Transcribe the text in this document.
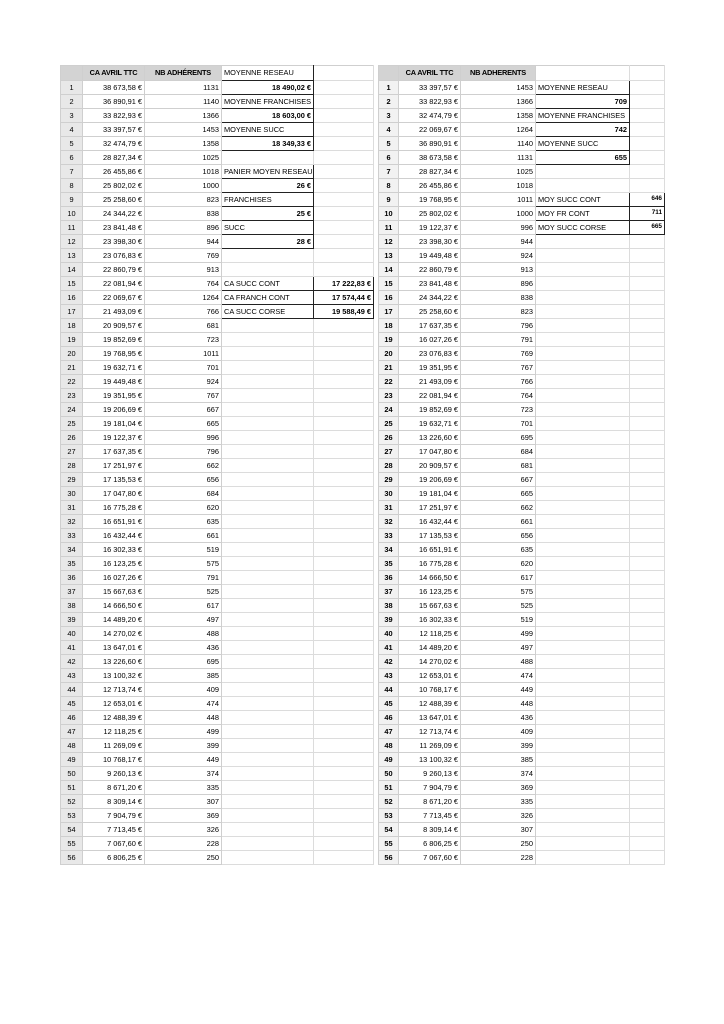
	CA AVRIL TTC	NB ADHÉRENTS	MOYENNE RESEAU	
1	38 673,58 €	1131	18 490,02 €	
2	36 890,91 €	1140	MOYENNE FRANCHISES	
3	33 822,93 €	1366	18 603,00 €	
4	33 397,57 €	1453	MOYENNE SUCC	
5	32 474,79 €	1358	18 349,33 €	
6	28 827,34 €	1025		
7	26 455,86 €	1018	PANIER MOYEN RESEAU	
8	25 802,02 €	1000	26 €	
9	25 258,60 €	823	FRANCHISES	
10	24 344,22 €	838	25 €	
11	23 841,48 €	896	SUCC	
12	23 398,30 €	944	28 €	
13	23 076,83 €	769		
14	22 860,79 €	913		
15	22 081,94 €	764	CA SUCC CONT	17 222,83 €
16	22 069,67 €	1264	CA FRANCH CONT	17 574,44 €
17	21 493,09 €	766	CA SUCC CORSE	19 588,49 €
18	20 909,57 €	681		
19	19 852,69 €	723		
20	19 768,95 €	1011		
21	19 632,71 €	701		
22	19 449,48 €	924		
23	19 351,95 €	767		
24	19 206,69 €	667		
25	19 181,04 €	665		
26	19 122,37 €	996		
27	17 637,35 €	796		
28	17 251,97 €	662		
29	17 135,53 €	656		
30	17 047,80 €	684		
31	16 775,28 €	620		
32	16 651,91 €	635		
33	16 432,44 €	661		
34	16 302,33 €	519		
35	16 123,25 €	575		
36	16 027,26 €	791		
37	15 667,63 €	525		
38	14 666,50 €	617		
39	14 489,20 €	497		
40	14 270,02 €	488		
41	13 647,01 €	436		
42	13 226,60 €	695		
43	13 100,32 €	385		
44	12 713,74 €	409		
45	12 653,01 €	474		
46	12 488,39 €	448		
47	12 118,25 €	499		
48	11 269,09 €	399		
49	10 768,17 €	449		
50	9 260,13 €	374		
51	8 671,20 €	335		
52	8 309,14 €	307		
53	7 904,79 €	369		
54	7 713,45 €	326		
55	7 067,60 €	228		
56	6 806,25 €	250		
	CA AVRIL TTC	NB ADHERENTS		
1	33 397,57 €	1453	MOYENNE RESEAU	
2	33 822,93 €	1366	709	
3	32 474,79 €	1358	MOYENNE FRANCHISES	
4	22 069,67 €	1264	742	
5	36 890,91 €	1140	MOYENNE SUCC	
6	38 673,58 €	1131	655	
7	28 827,34 €	1025		
8	26 455,86 €	1018		
9	19 768,95 €	1011	MOY SUCC CONT	646
10	25 802,02 €	1000	MOY FR CONT	711
11	19 122,37 €	996	MOY SUCC CORSE	665
12	23 398,30 €	944		
13	19 449,48 €	924		
14	22 860,79 €	913		
15	23 841,48 €	896		
16	24 344,22 €	838		
17	25 258,60 €	823		
18	17 637,35 €	796		
19	16 027,26 €	791		
20	23 076,83 €	769		
21	19 351,95 €	767		
22	21 493,09 €	766		
23	22 081,94 €	764		
24	19 852,69 €	723		
25	19 632,71 €	701		
26	13 226,60 €	695		
27	17 047,80 €	684		
28	20 909,57 €	681		
29	19 206,69 €	667		
30	19 181,04 €	665		
31	17 251,97 €	662		
32	16 432,44 €	661		
33	17 135,53 €	656		
34	16 651,91 €	635		
35	16 775,28 €	620		
36	14 666,50 €	617		
37	16 123,25 €	575		
38	15 667,63 €	525		
39	16 302,33 €	519		
40	12 118,25 €	499		
41	14 489,20 €	497		
42	14 270,02 €	488		
43	12 653,01 €	474		
44	10 768,17 €	449		
45	12 488,39 €	448		
46	13 647,01 €	436		
47	12 713,74 €	409		
48	11 269,09 €	399		
49	13 100,32 €	385		
50	9 260,13 €	374		
51	7 904,79 €	369		
52	8 671,20 €	335		
53	7 713,45 €	326		
54	8 309,14 €	307		
55	6 806,25 €	250		
56	7 067,60 €	228		
